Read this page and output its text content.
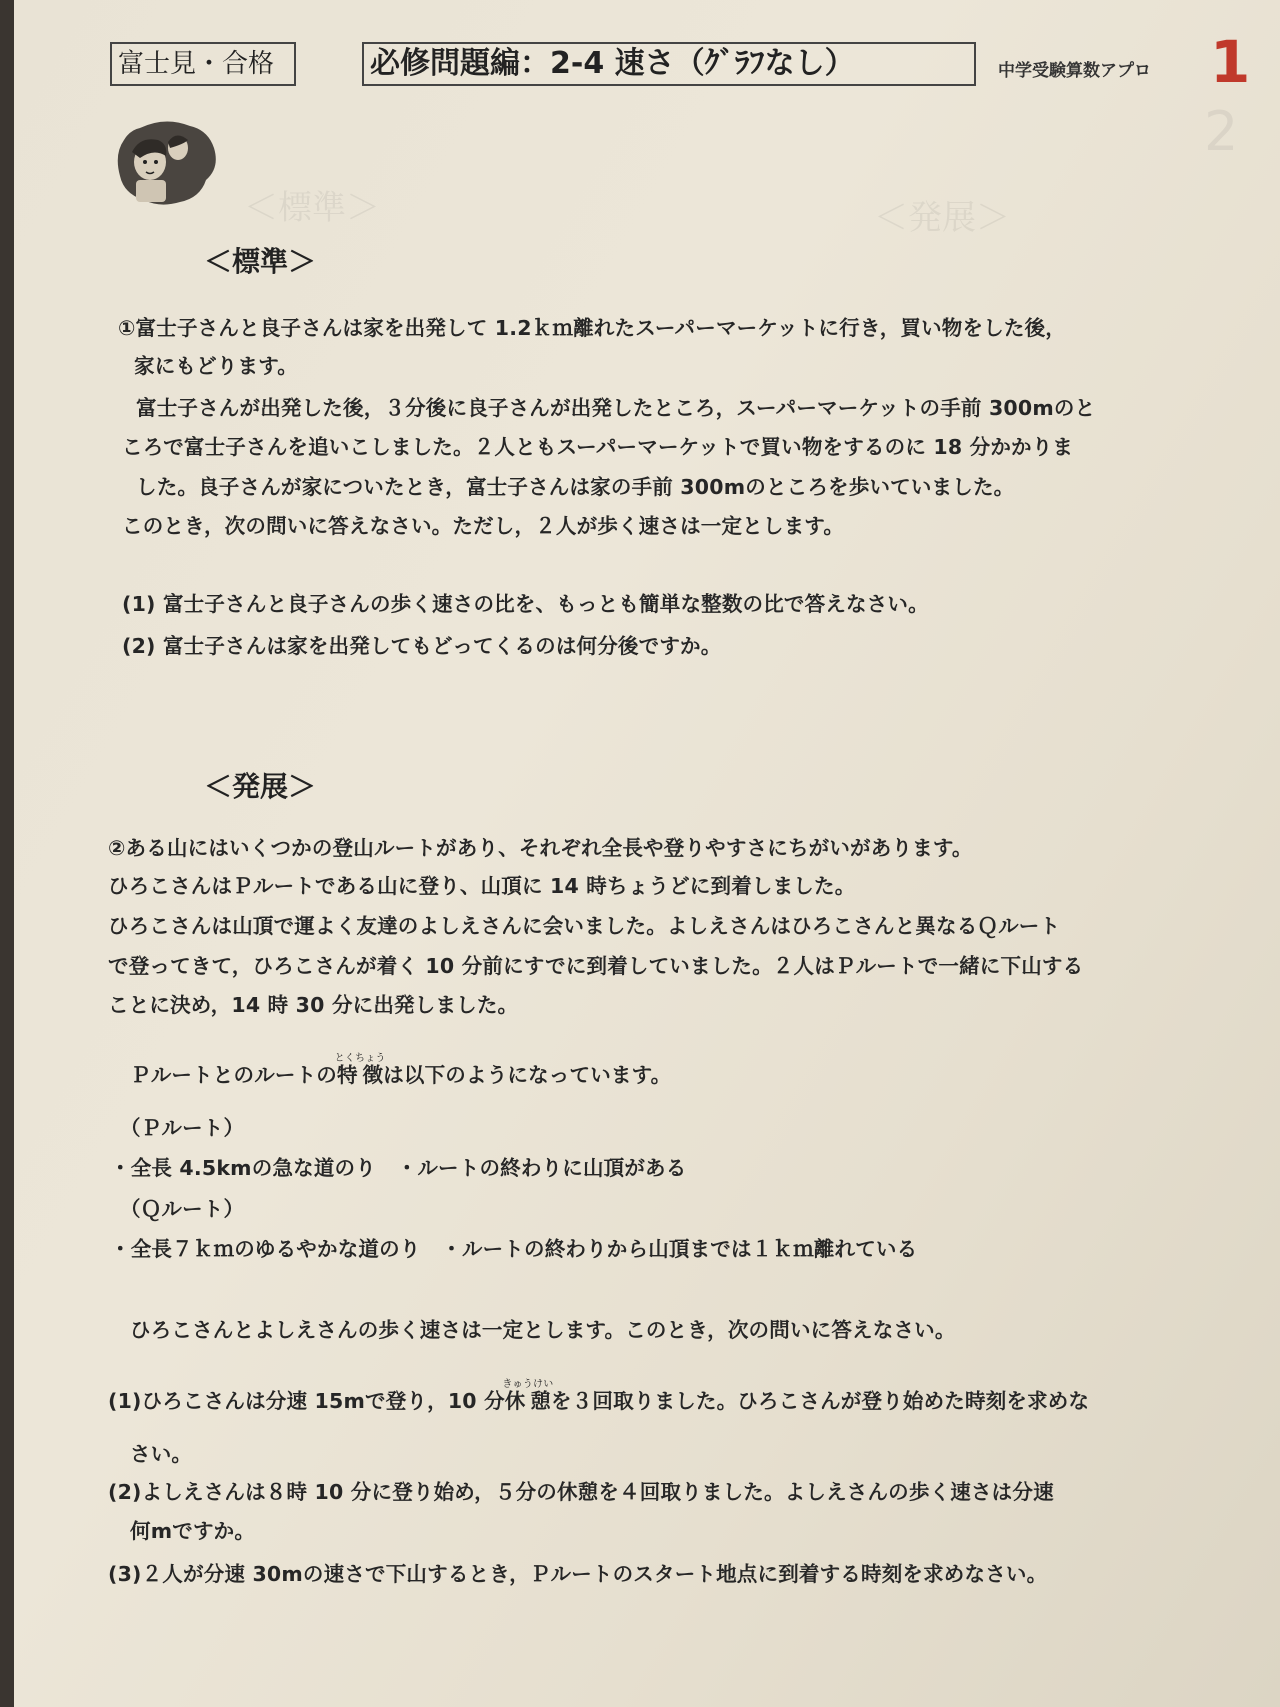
＜標準＞	＜発展＞
2
富士見・合格	必修問題編：2-4 速さ（ｸﾞﾗﾌなし）	中学受験算数アプロ 1
＜標準＞
①富士子さんと良子さんは家を出発して 1.2ｋｍ離れたスーパーマーケットに行き，買い物をした後，
家にもどります。
富士子さんが出発した後，３分後に良子さんが出発したところ，スーパーマーケットの手前 300mのと
ころで富士子さんを追いこしました。２人ともスーパーマーケットで買い物をするのに 18 分かかりま
した。良子さんが家についたとき，富士子さんは家の手前 300mのところを歩いていました。
このとき，次の問いに答えなさい。ただし，２人が歩く速さは一定とします。
(1) 富士子さんと良子さんの歩く速さの比を、もっとも簡単な整数の比で答えなさい。
(2) 富士子さんは家を出発してもどってくるのは何分後ですか。
＜発展＞
②ある山にはいくつかの登山ルートがあり、それぞれ全長や登りやすさにちがいがあります。
ひろこさんはＰルートである山に登り、山頂に 14 時ちょうどに到着しました。
ひろこさんは山頂で運よく友達のよしえさんに会いました。よしえさんはひろこさんと異なるＱルート
で登ってきて，ひろこさんが着く 10 分前にすでに到着していました。２人はＰルートで一緒に下山する
ことに決め，14 時 30 分に出発しました。
Ｐルートとのルートの特徴とくちょうは以下のようになっています。
（Ｐルート）
・全長 4.5kmの急な道のり　・ルートの終わりに山頂がある
（Ｑルート）
・全長７ｋｍのゆるやかな道のり　・ルートの終わりから山頂までは１ｋｍ離れている
ひろこさんとよしえさんの歩く速さは一定とします。このとき，次の問いに答えなさい。
(1)ひろこさんは分速 15mで登り，10 分休憩きゅうけいを３回取りました。ひろこさんが登り始めた時刻を求めな
さい。
(2)よしえさんは８時 10 分に登り始め，５分の休憩を４回取りました。よしえさんの歩く速さは分速
何mですか。
(3)２人が分速 30mの速さで下山するとき，Ｐルートのスタート地点に到着する時刻を求めなさい。
